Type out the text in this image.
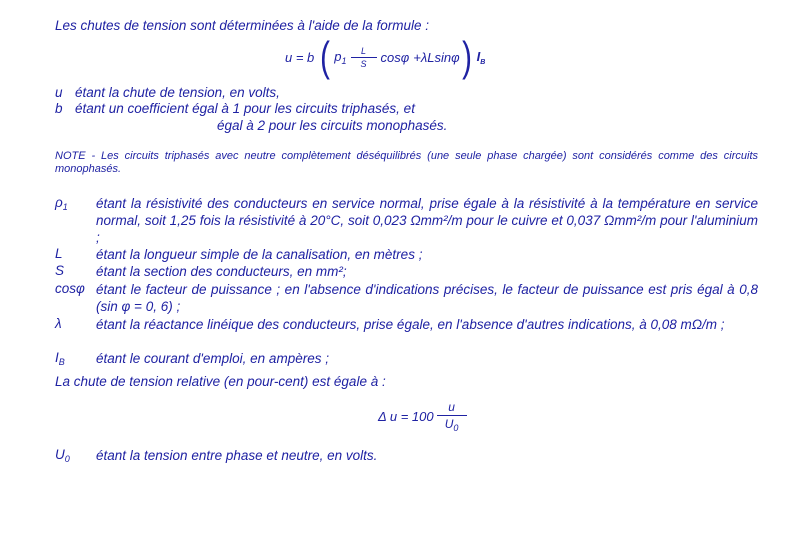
Les chutes de tension sont déterminées à l'aide de la formule :
u = b ( $p_1 \frac{L}{S}$ cosφ +λ Lsinφ ) $I_B$
u étant la chute de tension, en volts,
b étant un coefficient égal à 1 pour les circuits triphasés, et
égal à 2 pour les circuits monophasés.
NOTE - Les circuits triphasés avec neutre complètement déséquilibrés (une seule phase chargée) sont considérés comme des circuits monophasés.
$\rho_1$ étant la résistivité des conducteurs en service normal, prise égale à la résistivité à la température en service normal, soit 1,25 fois la résistivité à 20°C, soit 0,023 Ωmm²/m pour le cuivre et 0,037 Ωmm²/m pour l'aluminium ;
L étant la longueur simple de la canalisation, en mètres ;
S étant la section des conducteurs, en mm²;
cosφ étant le facteur de puissance ; en l'absence d'indications précises, le facteur de puissance est pris égal à 0,8 (sin φ = 0, 6) ;
λ	étant la réactance linéique des conducteurs, prise égale, en l'absence d'autres indications, à 0,08 mΩ/m ;
$I_B$ étant le courant d'emploi, en ampères ;
La chute de tension relative (en pour-cent) est égale à :
Δ $u = 100 \frac{u}{U_0}$
$U_0$ étant la tension entre phase et neutre, en volts.
